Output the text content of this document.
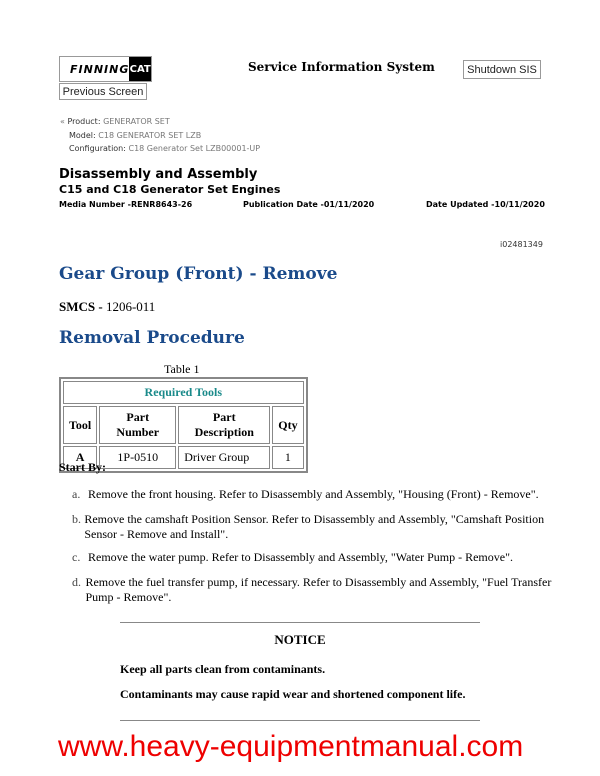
FINNING CAT	Service Information System	Shutdown SIS
Previous Screen
« Product: GENERATOR SET
Model: C18 GENERATOR SET LZB
Configuration: C18 Generator Set LZB00001-UP
Disassembly and Assembly
C15 and C18 Generator Set Engines
Media Number -RENR8643-26	Publication Date -01/11/2020	Date Updated -10/11/2020
i02481349
Gear Group (Front) - Remove
SMCS - 1206-011
Removal Procedure
Table 1
Required Tools			
Tool	Part Number	Part Description	Qty
A	1P-0510	Driver Group	1
Start By:
a. Remove the front housing. Refer to Disassembly and Assembly, "Housing (Front) - Remove".
b. Remove the camshaft Position Sensor. Refer to Disassembly and Assembly, "Camshaft Position Sensor - Remove and Install".
c. Remove the water pump. Refer to Disassembly and Assembly, "Water Pump - Remove".
d. Remove the fuel transfer pump, if necessary. Refer to Disassembly and Assembly, "Fuel Transfer Pump - Remove".
NOTICE
Keep all parts clean from contaminants.
Contaminants may cause rapid wear and shortened component life.
www.heavy-equipmentmanual.com
